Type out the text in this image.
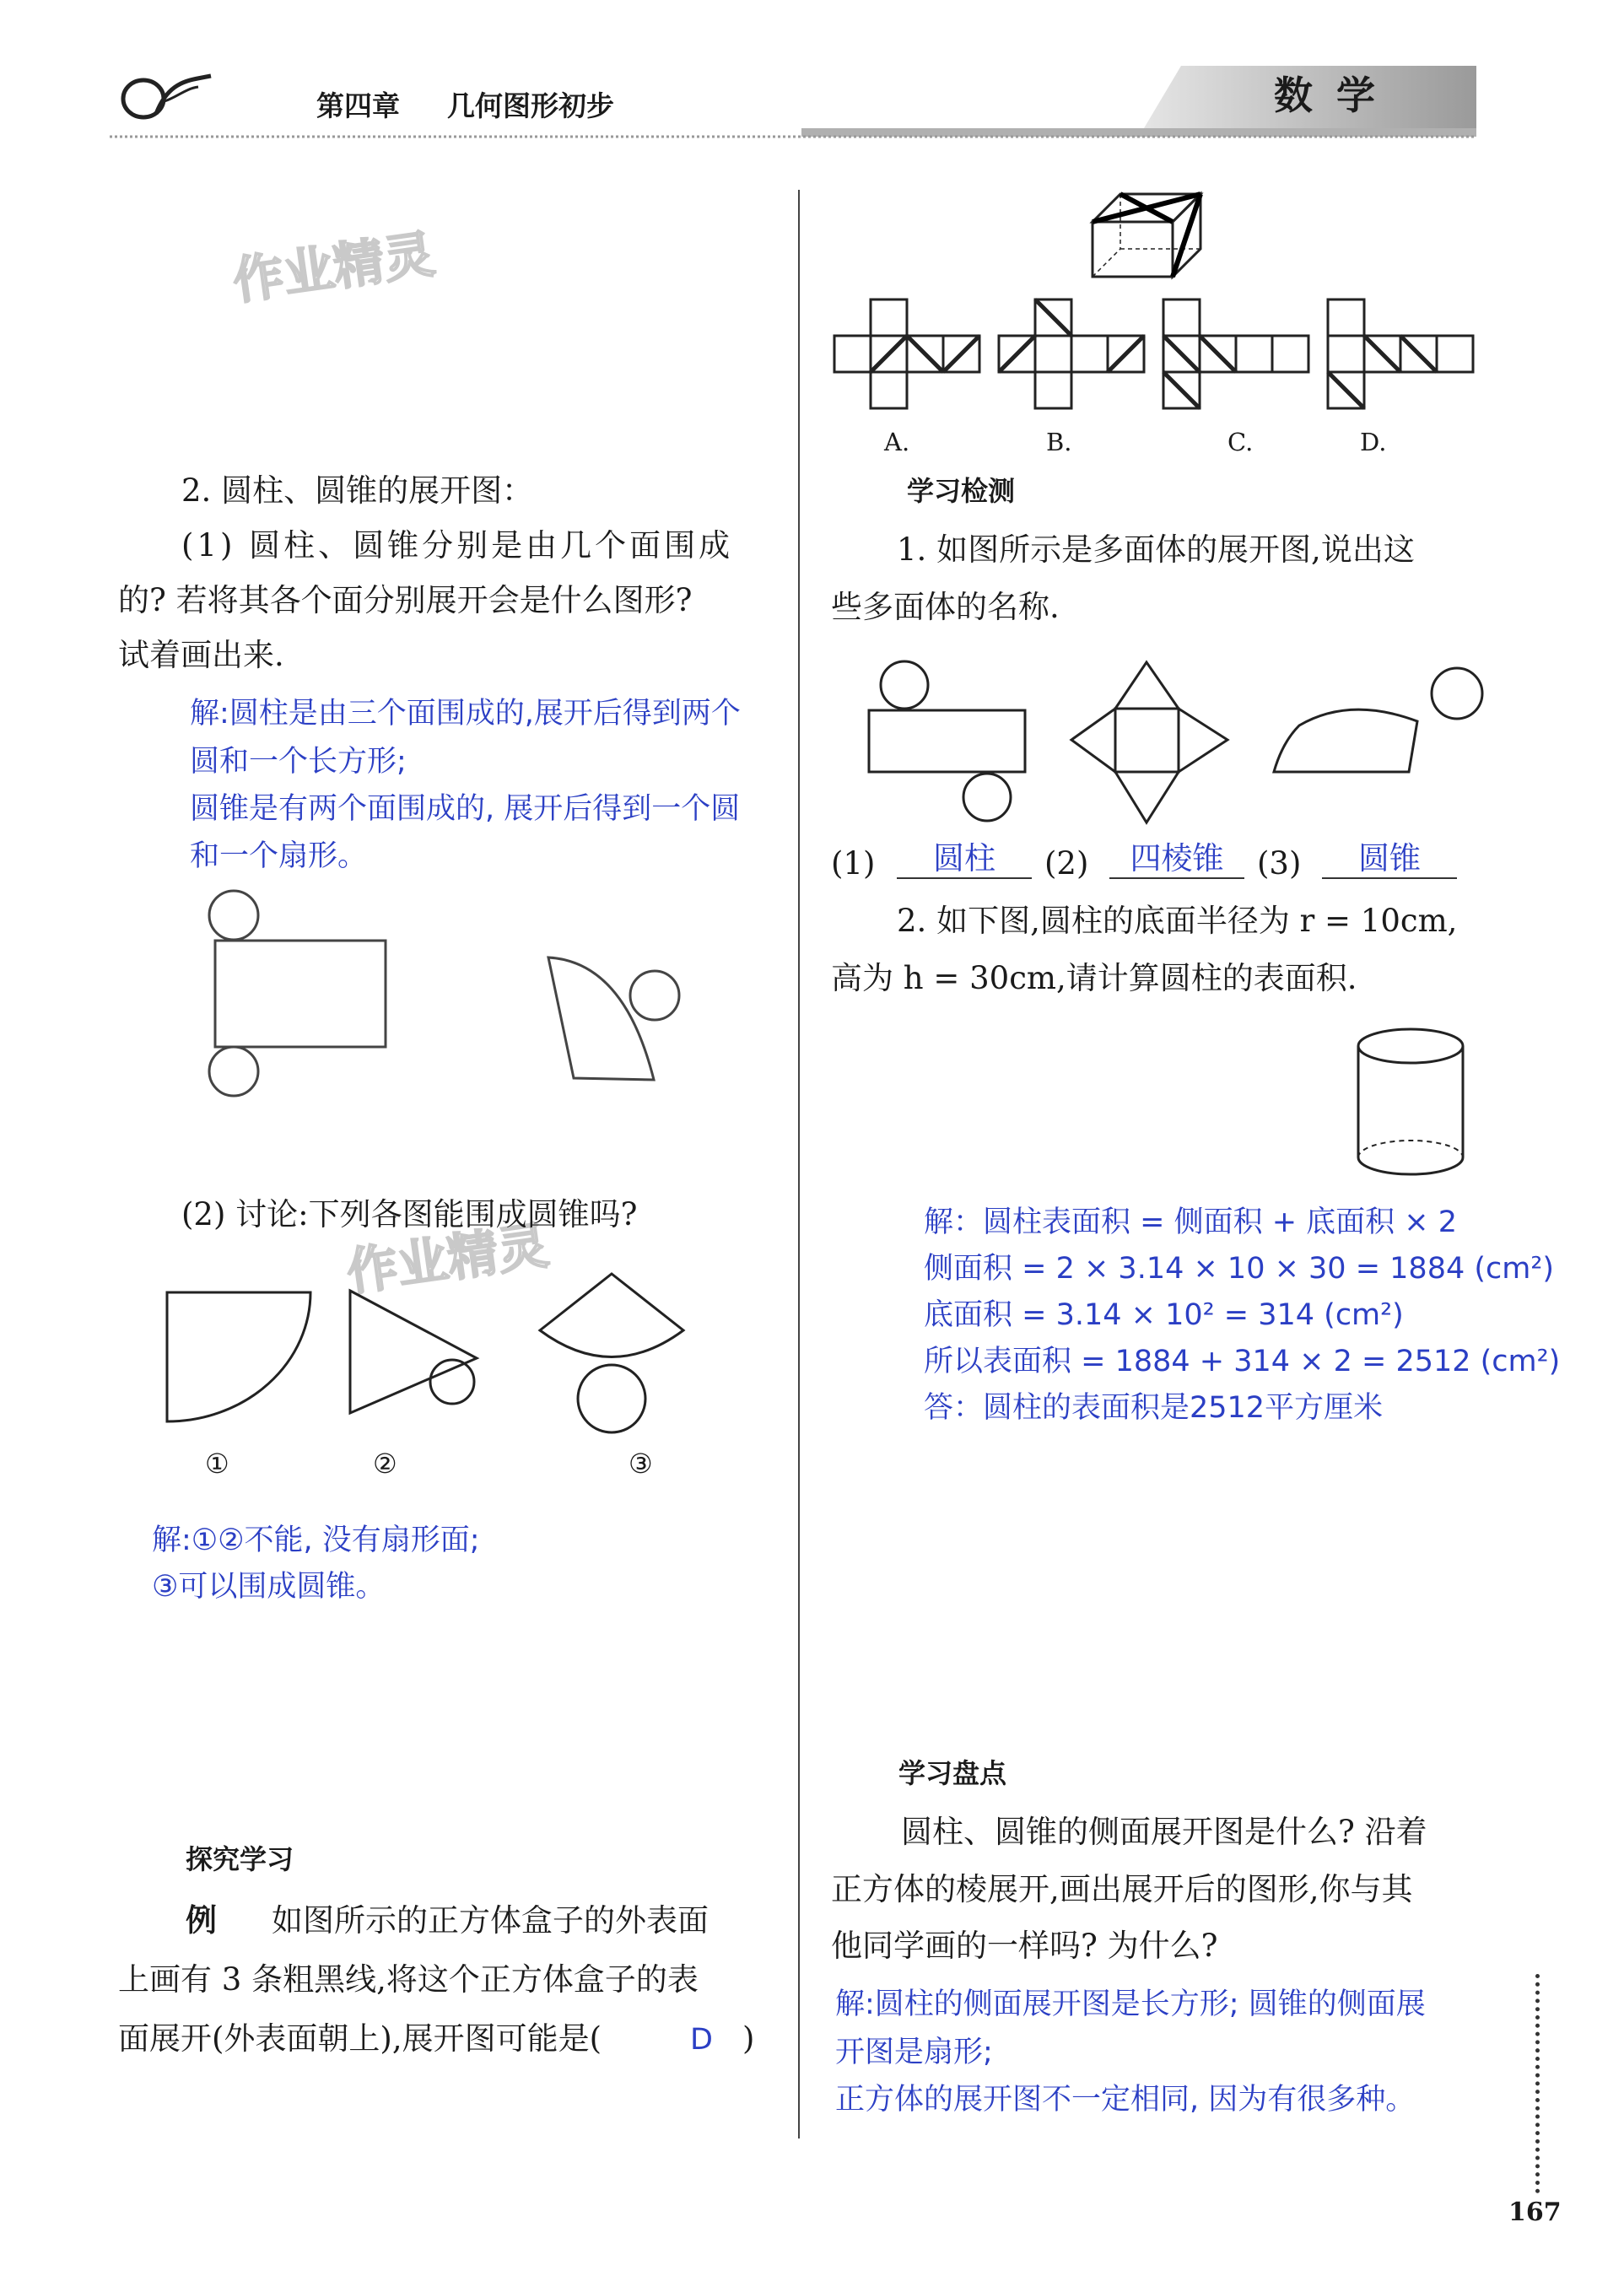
第四章 几何图形初步	数 学
作业精灵
作业精灵
2. 圆柱、圆锥的展开图：
(1) 圆柱、圆锥分别是由几个面围成
的? 若将其各个面分别展开会是什么图形?
试着画出来.
解:圆柱是由三个面围成的,展开后得到两个
圆和一个长方形;
圆锥是有两个面围成的, 展开后得到一个圆
和一个扇形。
(2) 讨论:下列各图能围成圆锥吗?
①	②	③
解:①②不能, 没有扇形面;
③可以围成圆锥。
探究学习
例 如图所示的正方体盒子的外表面
上画有 3 条粗黑线,将这个正方体盒子的表
面展开(外表面朝上),展开图可能是(	D )
A.	B.	C.	D.
学习检测
1. 如图所示是多面体的展开图,说出这
些多面体的名称.
(1)	圆柱	(2)	四棱锥	(3)	圆锥
2. 如下图,圆柱的底面半径为 r = 10cm,
高为 h = 30cm,请计算圆柱的表面积.
解：圆柱表面积 = 侧面积 + 底面积 × 2
侧面积 = 2 × 3.14 × 10 × 30 = 1884 (cm²)
底面积 = 3.14 × 10² = 314 (cm²)
所以表面积 = 1884 + 314 × 2 = 2512 (cm²)
答：圆柱的表面积是2512平方厘米
学习盘点
圆柱、圆锥的侧面展开图是什么? 沿着
正方体的棱展开,画出展开后的图形,你与其
他同学画的一样吗? 为什么?
解:圆柱的侧面展开图是长方形; 圆锥的侧面展
开图是扇形;
正方体的展开图不一定相同, 因为有很多种。
167
